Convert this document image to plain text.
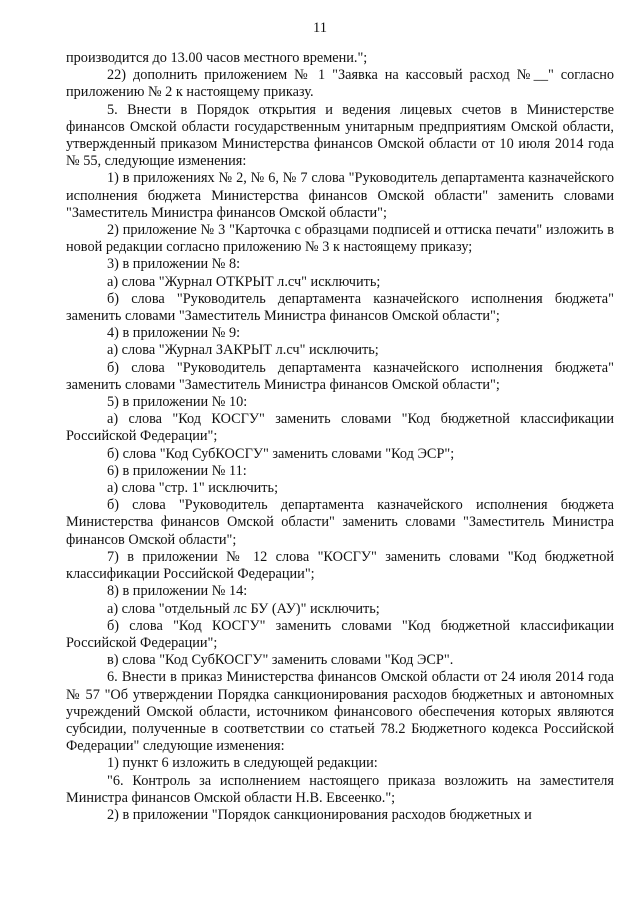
11

производится до 13.00 часов местного времени.";

22) дополнить приложением № 1 "Заявка на кассовый расход №__" согласно приложению № 2 к настоящему приказу.

5. Внести в Порядок открытия и ведения лицевых счетов в Министерстве финансов Омской области государственным унитарным предприятиям Омской области, утвержденный приказом Министерства финансов Омской области от 10 июля 2014 года № 55, следующие изменения:

1) в приложениях № 2, № 6, № 7 слова "Руководитель департамента казначейского исполнения бюджета Министерства финансов Омской области" заменить словами "Заместитель Министра финансов Омской области";

2) приложение № 3 "Карточка с образцами подписей и оттиска печати" изложить в новой редакции согласно приложению № 3 к настоящему приказу;

3) в приложении № 8:

а) слова "Журнал ОТКРЫТ л.сч" исключить;

б) слова "Руководитель департамента казначейского исполнения бюджета" заменить словами "Заместитель Министра финансов Омской области";

4) в приложении № 9:

а) слова "Журнал ЗАКРЫТ л.сч" исключить;

б) слова "Руководитель департамента казначейского исполнения бюджета" заменить словами "Заместитель Министра финансов Омской области";

5) в приложении № 10:

а) слова "Код КОСГУ" заменить словами "Код бюджетной классификации Российской Федерации";

б) слова "Код СубКОСГУ" заменить словами "Код ЭСР";

6) в приложении № 11:

а) слова "стр. 1" исключить;

б) слова "Руководитель департамента казначейского исполнения бюджета Министерства финансов Омской области" заменить словами "Заместитель Министра финансов Омской области";

7) в приложении № 12 слова "КОСГУ" заменить словами "Код бюджетной классификации Российской Федерации";

8) в приложении № 14:

а) слова "отдельный лс БУ (АУ)" исключить;

б) слова "Код КОСГУ" заменить словами "Код бюджетной классификации Российской Федерации";

в) слова "Код СубКОСГУ" заменить словами "Код ЭСР".

6. Внести в приказ Министерства финансов Омской области от 24 июля 2014 года № 57 "Об утверждении Порядка санкционирования расходов бюджетных и автономных учреждений Омской области, источником финансового обеспечения которых являются субсидии, полученные в соответствии со статьей 78.2 Бюджетного кодекса Российской Федерации" следующие изменения:

1) пункт 6 изложить в следующей редакции:

"6. Контроль за исполнением настоящего приказа возложить на заместителя Министра финансов Омской области Н.В. Евсеенко.";

2) в приложении "Порядок санкционирования расходов бюджетных и
